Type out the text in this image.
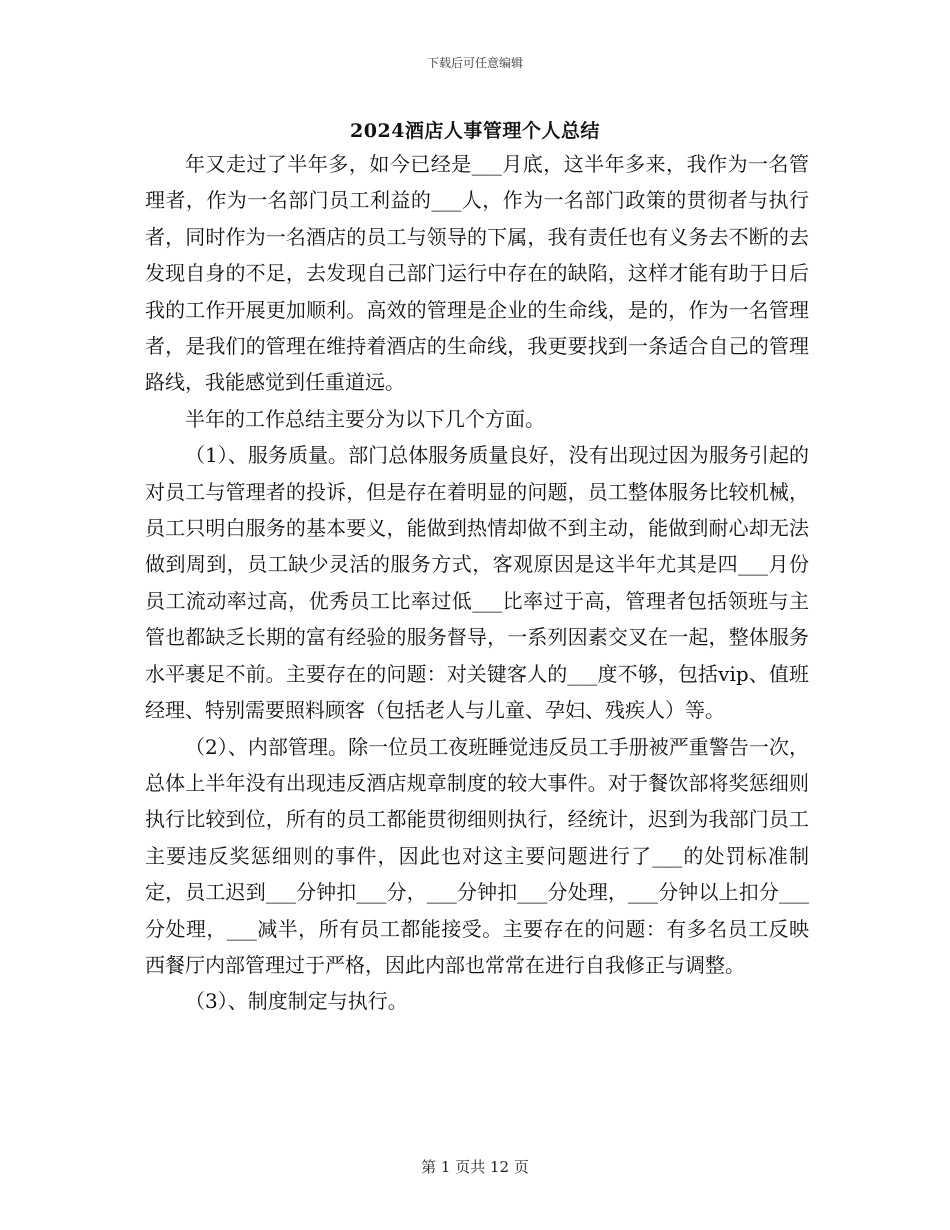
下载后可任意编辑
2024酒店人事管理个人总结

年又走过了半年多，如今已经是___月底，这半年多来，我作为一名管理者，作为一名部门员工利益的___人，作为一名部门政策的贯彻者与执行者，同时作为一名酒店的员工与领导的下属，我有责任也有义务去不断的去发现自身的不足，去发现自己部门运行中存在的缺陷，这样才能有助于日后我的工作开展更加顺利。高效的管理是企业的生命线，是的，作为一名管理者，是我们的管理在维持着酒店的生命线，我更要找到一条适合自己的管理路线，我能感觉到任重道远。

半年的工作总结主要分为以下几个方面。

（1）、服务质量。部门总体服务质量良好，没有出现过因为服务引起的对员工与管理者的投诉，但是存在着明显的问题，员工整体服务比较机械，员工只明白服务的基本要义，能做到热情却做不到主动，能做到耐心却无法做到周到，员工缺少灵活的服务方式，客观原因是这半年尤其是四___月份员工流动率过高，优秀员工比率过低___比率过于高，管理者包括领班与主管也都缺乏长期的富有经验的服务督导，一系列因素交叉在一起，整体服务水平裹足不前。主要存在的问题：对关键客人的___度不够，包括vip、值班经理、特别需要照料顾客（包括老人与儿童、孕妇、残疾人）等。

（2）、内部管理。除一位员工夜班睡觉违反员工手册被严重警告一次，总体上半年没有出现违反酒店规章制度的较大事件。对于餐饮部将奖惩细则执行比较到位，所有的员工都能贯彻细则执行，经统计，迟到为我部门员工主要违反奖惩细则的事件，因此也对这主要问题进行了___的处罚标准制定，员工迟到___分钟扣___分，___分钟扣___分处理，___分钟以上扣分___分处理，___减半，所有员工都能接受。主要存在的问题：有多名员工反映西餐厅内部管理过于严格，因此内部也常常在进行自我修正与调整。

（3）、制度制定与执行。

第 1 页共 12 页
